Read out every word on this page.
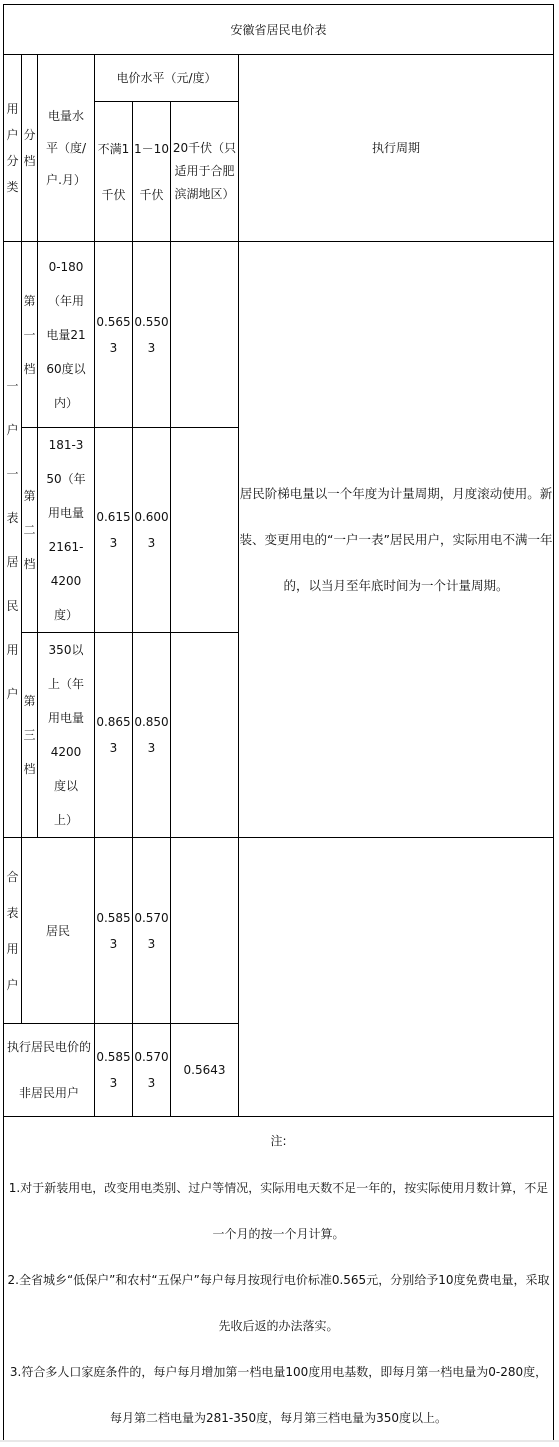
安徽省居民电价表						

用户分类	分档	电量水平（度/户.月）	电价水平（元/度）			执行周期
			不满1千伏	1－10千伏	20千伏（只适用于合肥滨湖地区）	

一户一表居民用户	第一档	0-180（年用电量2160度以内）	0.5653	0.5503		居民阶梯电量以一个年度为计量周期，月度滚动使用。新装、变更用电的“一户一表”居民用户，实际用电不满一年的，以当月至年底时间为一个计量周期。

	第二档	181-350（年用电量2161-4200度）	0.6153	0.6003		

	第三档	350以上（年用电量4200度以上）	0.8653	0.8503		

合表用户	居民		0.5853	0.5703		
执行居民电价的非居民用户			0.5853	0.5703	0.5643	

注:
1.对于新装用电，改变用电类别、过户等情况，实际用电天数不足一年的，按实际使用月数计算，不足一个月的按一个月计算。
2.全省城乡“低保户”和农村“五保户”每户每月按现行电价标准0.565元，分别给予10度免费电量，采取先收后返的办法落实。
3.符合多人口家庭条件的，每户每月增加第一档电量100度用电基数，即每月第一档电量为0-280度，每月第二档电量为281-350度，每月第三档电量为350度以上。						
